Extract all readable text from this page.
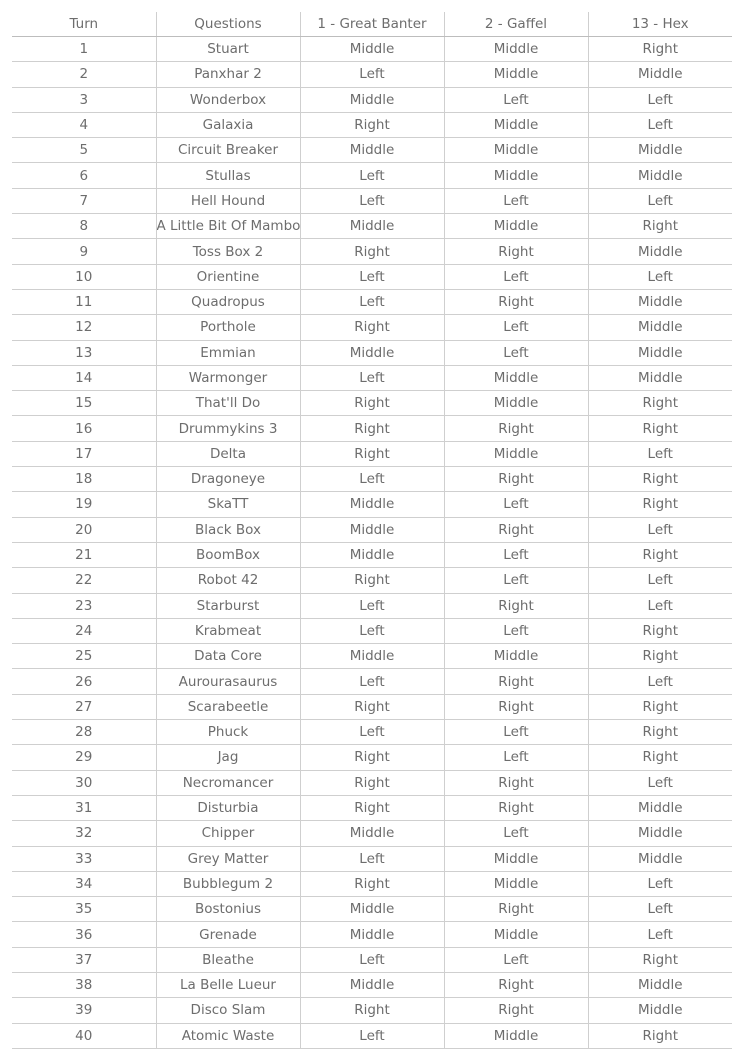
Turn	Questions	1 - Great Banter	2 - Gaffel	13 - Hex
1	Stuart	Middle	Middle	Right
2	Panxhar 2	Left	Middle	Middle
3	Wonderbox	Middle	Left	Left
4	Galaxia	Right	Middle	Left
5	Circuit Breaker	Middle	Middle	Middle
6	Stullas	Left	Middle	Middle
7	Hell Hound	Left	Left	Left
8	A Little Bit Of Mambo	Middle	Middle	Right
9	Toss Box 2	Right	Right	Middle
10	Orientine	Left	Left	Left
11	Quadropus	Left	Right	Middle
12	Porthole	Right	Left	Middle
13	Emmian	Middle	Left	Middle
14	Warmonger	Left	Middle	Middle
15	That'll Do	Right	Middle	Right
16	Drummykins 3	Right	Right	Right
17	Delta	Right	Middle	Left
18	Dragoneye	Left	Right	Right
19	SkaTT	Middle	Left	Right
20	Black Box	Middle	Right	Left
21	BoomBox	Middle	Left	Right
22	Robot 42	Right	Left	Left
23	Starburst	Left	Right	Left
24	Krabmeat	Left	Left	Right
25	Data Core	Middle	Middle	Right
26	Aurourasaurus	Left	Right	Left
27	Scarabeetle	Right	Right	Right
28	Phuck	Left	Left	Right
29	Jag	Right	Left	Right
30	Necromancer	Right	Right	Left
31	Disturbia	Right	Right	Middle
32	Chipper	Middle	Left	Middle
33	Grey Matter	Left	Middle	Middle
34	Bubblegum 2	Right	Middle	Left
35	Bostonius	Middle	Right	Left
36	Grenade	Middle	Middle	Left
37	Bleathe	Left	Left	Right
38	La Belle Lueur	Middle	Right	Middle
39	Disco Slam	Right	Right	Middle
40	Atomic Waste	Left	Middle	Right
